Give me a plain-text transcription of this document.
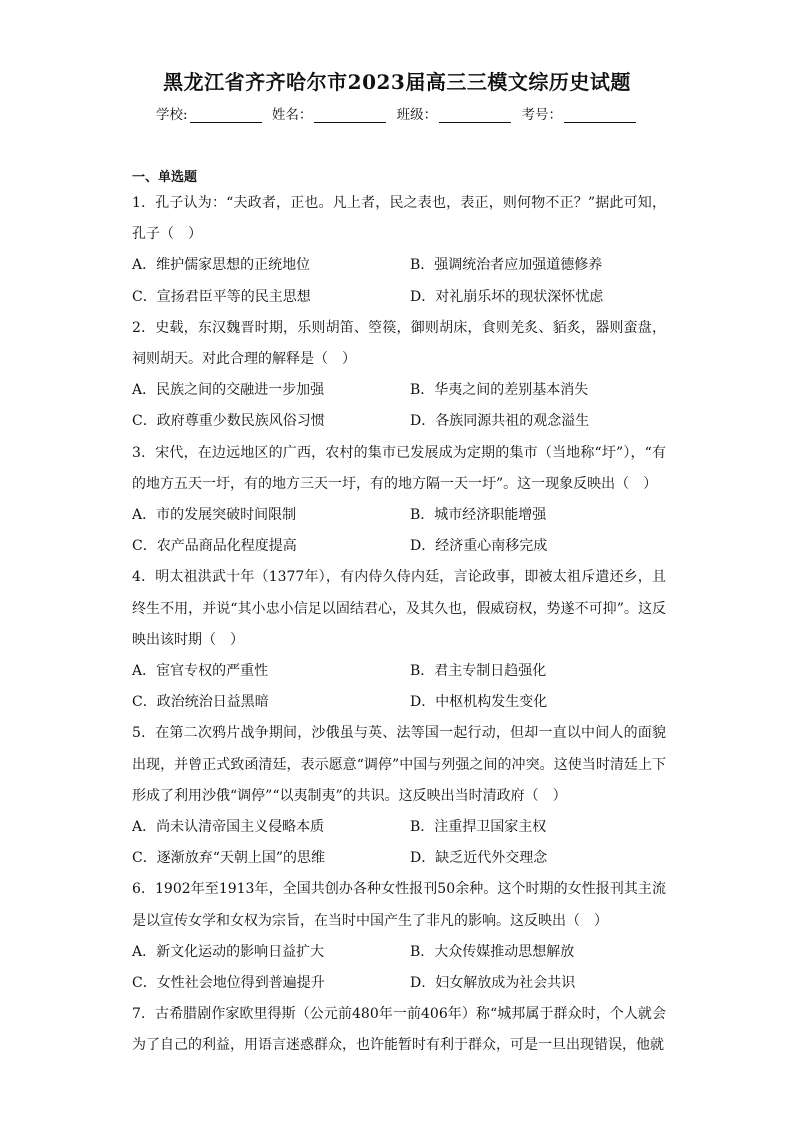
黑龙江省齐齐哈尔市2023届高三三模文综历史试题
学校:	姓名：	班级：	考号：
一、单选题

1．孔子认为：“夫政者，正也。凡上者，民之表也，表正，则何物不正？”据此可知，孔子（　）

A．维护儒家思想的正统地位	B．强调统治者应加强道德修养
C．宣扬君臣平等的民主思想	D．对礼崩乐坏的现状深怀忧虑

2．史载，东汉魏晋时期，乐则胡笛、箜篌，御则胡床，食则羌炙、貊炙，器则蛮盘，祠则胡天。对此合理的解释是（　）

A．民族之间的交融进一步加强	B．华夷之间的差别基本消失
C．政府尊重少数民族风俗习惯	D．各族同源共祖的观念溢生

3．宋代，在边远地区的广西，农村的集市已发展成为定期的集市（当地称“圩”），“有的地方五天一圩，有的地方三天一圩，有的地方隔一天一圩”。这一现象反映出（　）

A．市的发展突破时间限制	B．城市经济职能增强
C．农产品商品化程度提高	D．经济重心南移完成

4．明太祖洪武十年（1377年），有内侍久侍内廷，言论政事，即被太祖斥遣还乡，且终生不用，并说“其小忠小信足以固结君心，及其久也，假威窃权，势遂不可抑”。这反映出该时期（　）

A．宦官专权的严重性	B．君主专制日趋强化
C．政治统治日益黑暗	D．中枢机构发生变化

5．在第二次鸦片战争期间，沙俄虽与英、法等国一起行动，但却一直以中间人的面貌出现，并曾正式致函清廷，表示愿意“调停”中国与列强之间的冲突。这使当时清廷上下形成了利用沙俄“调停”“以夷制夷”的共识。这反映出当时清政府（　）

A．尚未认清帝国主义侵略本质	B．注重捍卫国家主权
C．逐渐放弃“天朝上国”的思维	D．缺乏近代外交理念

6．1902年至1913年，全国共创办各种女性报刊50余种。这个时期的女性报刊其主流是以宣传女学和女权为宗旨，在当时中国产生了非凡的影响。这反映出（　）

A．新文化运动的影响日益扩大	B．大众传媒推动思想解放
C．女性社会地位得到普遍提升	D．妇女解放成为社会共识

7．古希腊剧作家欧里得斯（公元前480年一前406年）称“城邦属于群众时，个人就会为了自己的利益，用语言迷惑群众，也许能暂时有利于群众，可是一旦出现错误，他就
